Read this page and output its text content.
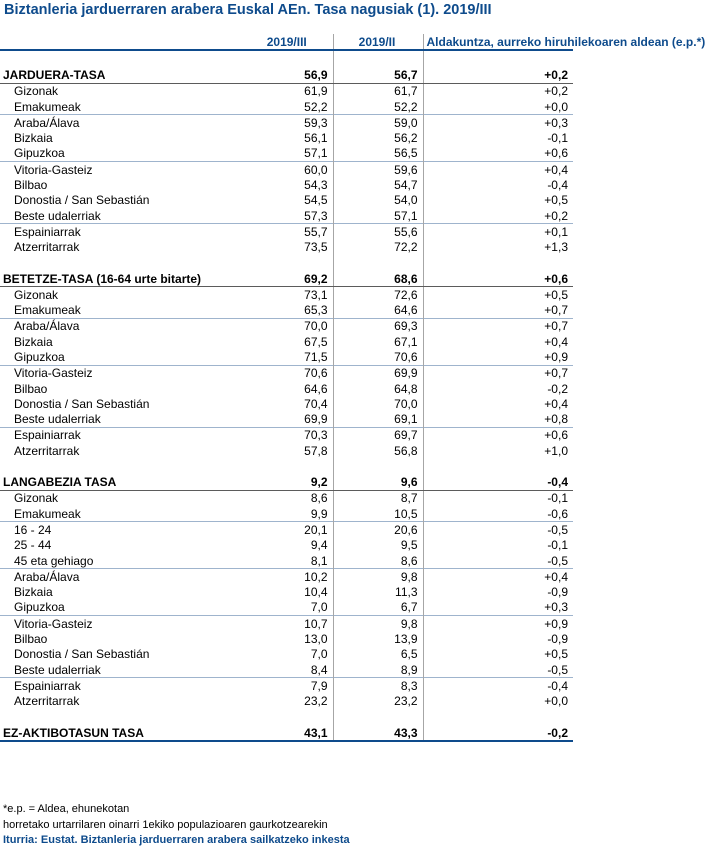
Biztanleria jarduerraren arabera Euskal AEn. Tasa nagusiak (1). 2019/III
	2019/III	2019/II	Aldakuntza, aurreko hiruhilekoaren aldean (e.p.*)

JARDUERA-TASA	56,9	56,7	+0,2
Gizonak	61,9	61,7	+0,2
Emakumeak	52,2	52,2	+0,0
Araba/Álava	59,3	59,0	+0,3
Bizkaia	56,1	56,2	-0,1
Gipuzkoa	57,1	56,5	+0,6
Vitoria-Gasteiz	60,0	59,6	+0,4
Bilbao	54,3	54,7	-0,4
Donostia / San Sebastián	54,5	54,0	+0,5
Beste udalerriak	57,3	57,1	+0,2
Espainiarrak	55,7	55,6	+0,1
Atzerritarrak	73,5	72,2	+1,3

BETETZE-TASA (16-64 urte bitarte)	69,2	68,6	+0,6
Gizonak	73,1	72,6	+0,5
Emakumeak	65,3	64,6	+0,7
Araba/Álava	70,0	69,3	+0,7
Bizkaia	67,5	67,1	+0,4
Gipuzkoa	71,5	70,6	+0,9
Vitoria-Gasteiz	70,6	69,9	+0,7
Bilbao	64,6	64,8	-0,2
Donostia / San Sebastián	70,4	70,0	+0,4
Beste udalerriak	69,9	69,1	+0,8
Espainiarrak	70,3	69,7	+0,6
Atzerritarrak	57,8	56,8	+1,0

LANGABEZIA TASA	9,2	9,6	-0,4
Gizonak	8,6	8,7	-0,1
Emakumeak	9,9	10,5	-0,6
16 - 24	20,1	20,6	-0,5
25 - 44	9,4	9,5	-0,1
45 eta gehiago	8,1	8,6	-0,5
Araba/Álava	10,2	9,8	+0,4
Bizkaia	10,4	11,3	-0,9
Gipuzkoa	7,0	6,7	+0,3
Vitoria-Gasteiz	10,7	9,8	+0,9
Bilbao	13,0	13,9	-0,9
Donostia / San Sebastián	7,0	6,5	+0,5
Beste udalerriak	8,4	8,9	-0,5
Espainiarrak	7,9	8,3	-0,4
Atzerritarrak	23,2	23,2	+0,0

EZ-AKTIBOTASUN TASA	43,1	43,3	-0,2
*e.p. = Aldea, ehunekotan
horretako urtarrilaren oinarri 1ekiko populazioaren gaurkotzearekin
Iturria: Eustat. Biztanleria jarduerraren arabera sailkatzeko inkesta
